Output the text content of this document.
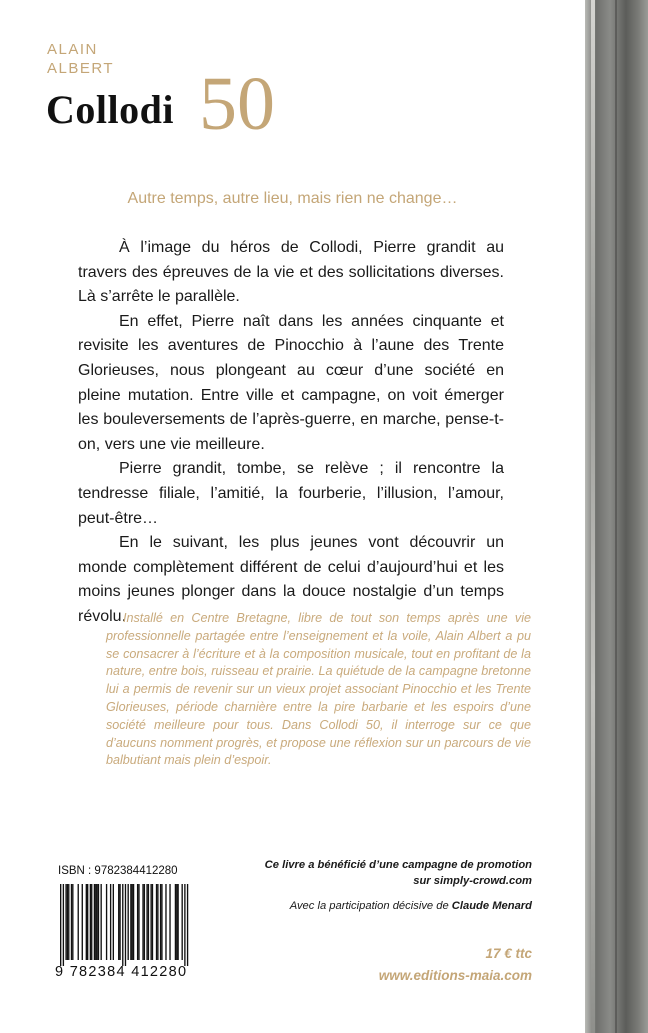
ALAIN
ALBERT
Collodi 50
Autre temps, autre lieu, mais rien ne change…

À l’image du héros de Collodi, Pierre grandit au travers des épreuves de la vie et des sollicitations diverses. Là s’arrête le parallèle.

En effet, Pierre naît dans les années cinquante et revisite les aventures de Pinocchio à l’aune des Trente Glorieuses, nous plongeant au cœur d’une société en pleine mutation. Entre ville et campagne, on voit émerger les bouleversements de l’après-guerre, en marche, pense-t-on, vers une vie meilleure.

Pierre grandit, tombe, se relève ; il rencontre la tendresse filiale, l’amitié, la fourberie, l’illusion, l’amour, peut-être…

En le suivant, les plus jeunes vont découvrir un monde complètement différent de celui d’aujourd’hui et les moins jeunes plonger dans la douce nostalgie d’un temps révolu.

Installé en Centre Bretagne, libre de tout son temps après une vie professionnelle partagée entre l’enseignement et la voile, Alain Albert a pu se consacrer à l’écriture et à la composition musicale, tout en profitant de la nature, entre bois, ruisseau et prairie. La quiétude de la campagne bretonne lui a permis de revenir sur un vieux projet associant Pinocchio et les Trente Glorieuses, période charnière entre la pire barbarie et les espoirs d’une société meilleure pour tous. Dans Collodi 50, il interroge sur ce que d’aucuns nomment progrès, et propose une réflexion sur un parcours de vie balbutiant mais plein d’espoir.

ISBN : 9782384412280
9 782384 412280
Ce livre a bénéficié d’une campagne de promotion
sur simply-crowd.com
Avec la participation décisive de Claude Menard
17 € ttc
www.editions-maia.com
